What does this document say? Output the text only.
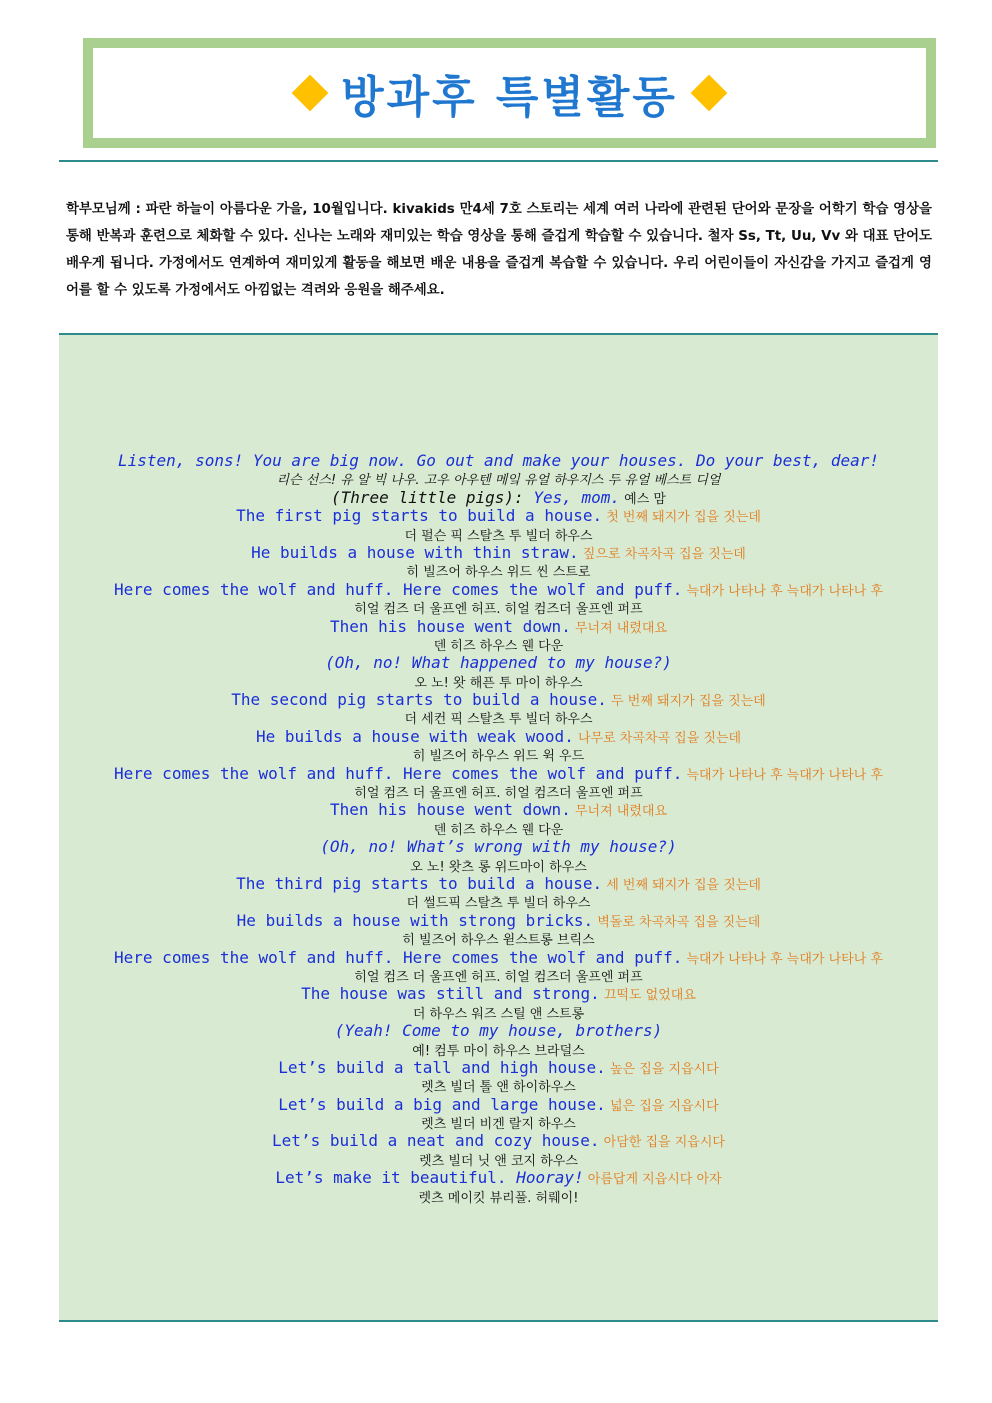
방과후 특별활동
학부모님께 : 파란 하늘이 아름다운 가을, 10월입니다. kivakids 만4세 7호 스토리는 세계 여러 나라에 관련된 단어와 문장을 어학기 학습 영상을 통해 반복과 훈련으로 체화할 수 있다. 신나는 노래와 재미있는 학습 영상을 통해 즐겁게 학습할 수 있습니다. 철자 Ss, Tt, Uu, Vv 와 대표 단어도 배우게 됩니다. 가정에서도 연계하여 재미있게 활동을 해보면 배운 내용을 즐겁게 복습할 수 있습니다. 우리 어린이들이 자신감을 가지고 즐겁게 영어를 할 수 있도록 가정에서도 아낌없는 격려와 응원을 해주세요.
Listen, sons! You are big now. Go out and make your houses. Do your best, dear!
리슨 선스! 유 알 빅 나우. 고우 아우텐 메잌 유얼 하우지스 두 유얼 베스트 디얼
(Three little pigs): Yes, mom. 예스 맘
The first pig starts to build a house. 첫 번째 돼지가 집을 짓는데
더 펄슨 픽 스탈츠 투 빌더 하우스
He builds a house with thin straw. 짚으로 차곡차곡 집을 짓는데
히 빌즈어 하우스 위드 씬 스트로
Here comes the wolf and huff. Here comes the wolf and puff. 늑대가 나타나 후 늑대가 나타나 후
히얼 컴즈 더 울프엔 허프. 히얼 컴즈더 울프엔 퍼프
Then his house went down. 무너져 내렸대요
덴 히즈 하우스 웬 다운
(Oh, no! What happened to my house?)
오 노! 왓 해픈 투 마이 하우스
The second pig starts to build a house. 두 번째 돼지가 집을 짓는데
더 세컨 픽 스탈츠 투 빌더 하우스
He builds a house with weak wood. 나무로 차곡차곡 집을 짓는데
히 빌즈어 하우스 위드 윅 우드
Here comes the wolf and huff. Here comes the wolf and puff. 늑대가 나타나 후 늑대가 나타나 후
히얼 컴즈 더 울프엔 허프. 히얼 컴즈더 울프엔 퍼프
Then his house went down. 무너져 내렸대요
덴 히즈 하우스 웬 다운
(Oh, no! What’s wrong with my house?)
오 노! 왓츠 롱 위드마이 하우스
The third pig starts to build a house. 세 번째 돼지가 집을 짓는데
더 썰드픽 스탈츠 투 빌더 하우스
He builds a house with strong bricks. 벽돌로 차곡차곡 집을 짓는데
히 빌즈어 하우스 윋스트롱 브릭스
Here comes the wolf and huff. Here comes the wolf and puff. 늑대가 나타나 후 늑대가 나타나 후
히얼 컴즈 더 울프엔 허프. 히얼 컴즈더 울프엔 퍼프
The house was still and strong. 끄떡도 없었대요
더 하우스 워즈 스틸 앤 스트롱
(Yeah! Come to my house, brothers)
예! 컴투 마이 하우스 브라덜스
Let’s build a tall and high house. 높은 집을 지읍시다
렛츠 빌더 톨 앤 하이하우스
Let’s build a big and large house. 넓은 집을 지읍시다
렛츠 빌더 비겐 랄지 하우스
Let’s build a neat and cozy house. 아담한 집을 지읍시다
렛츠 빌더 닛 앤 코지 하우스
Let’s make it beautiful. Hooray! 아름답게 지읍시다 아자
렛츠 메이킷 뷰리풀. 허뤠이!
